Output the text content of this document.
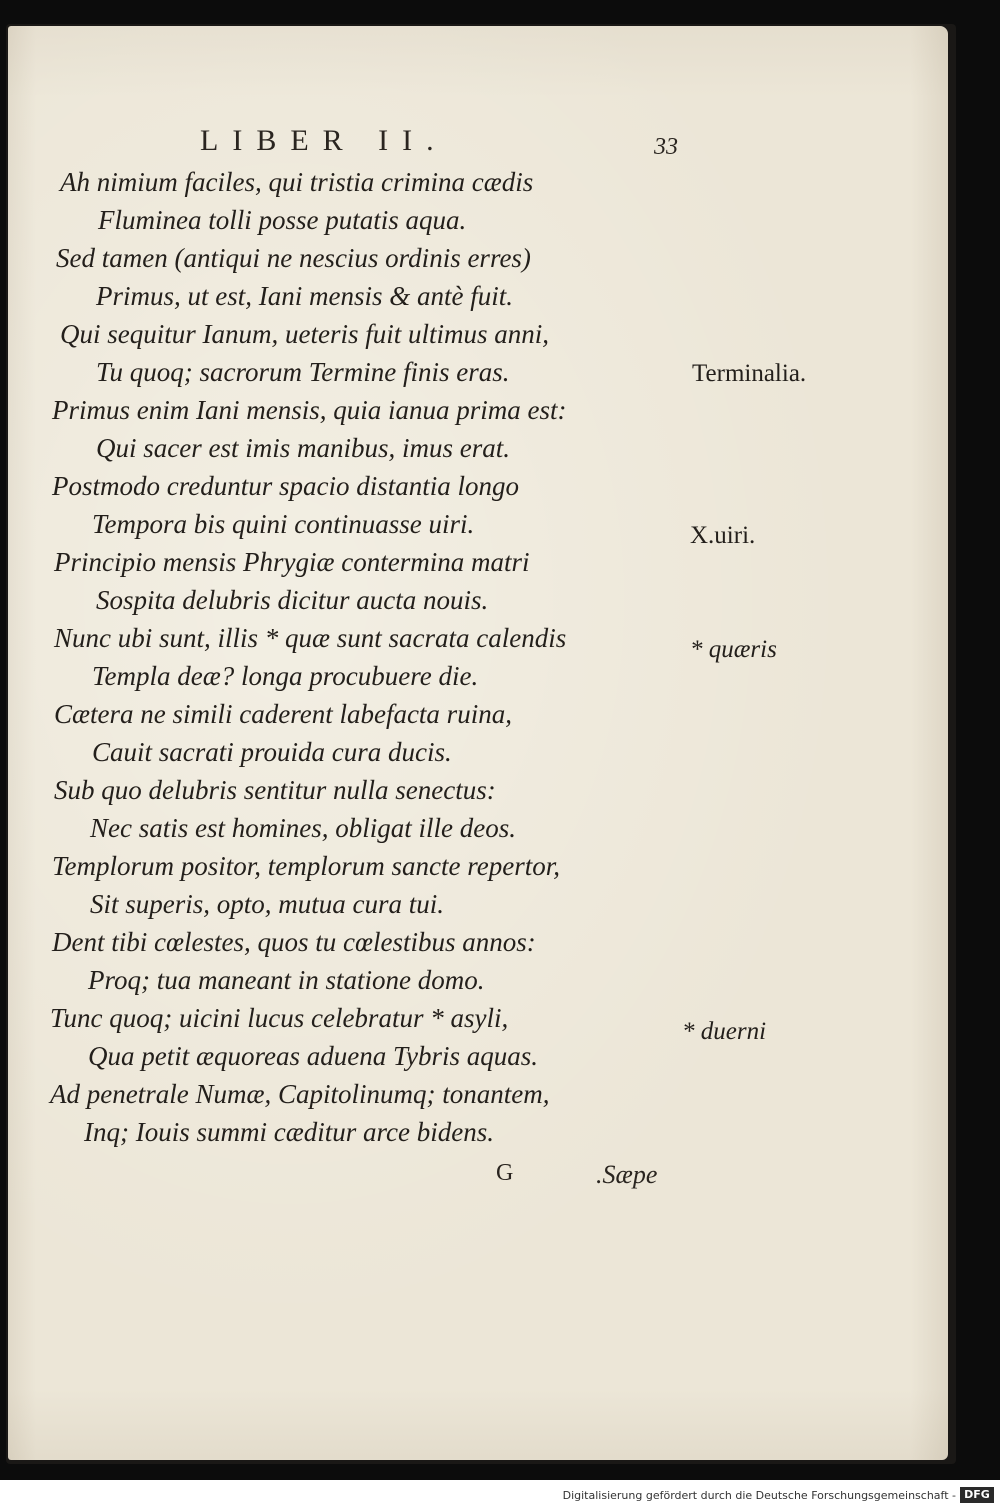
LIBER II.	33
Ah nimium faciles, qui tristia crimina cædis
Fluminea tolli posse putatis aqua.
Sed tamen (antiqui ne nescius ordinis erres)
Primus, ut est, Iani mensis & antè fuit.
Qui sequitur Ianum, ueteris fuit ultimus anni,
Tu quoq; sacrorum Termine finis eras.
Primus enim Iani mensis, quia ianua prima est:
Qui sacer est imis manibus, imus erat.
Postmodo creduntur spacio distantia longo
Tempora bis quini continuasse uiri.
Principio mensis Phrygiæ contermina matri
Sospita delubris dicitur aucta nouis.
Nunc ubi sunt, illis * quæ sunt sacrata calendis
Templa deæ? longa procubuere die.
Cætera ne simili caderent labefacta ruina,
Cauit sacrati prouida cura ducis.
Sub quo delubris sentitur nulla senectus:
Nec satis est homines, obligat ille deos.
Templorum positor, templorum sancte repertor,
Sit superis, opto, mutua cura tui.
Dent tibi cœlestes, quos tu cœlestibus annos:
Proq; tua maneant in statione domo.
Tunc quoq; uicini lucus celebratur * asyli,
Qua petit æquoreas aduena Tybris aquas.
Ad penetrale Numæ, Capitolinumq; tonantem,
Inq; Iouis summi cæditur arce bidens.
Terminalia.
X.uiri.
* quæris
* duerni
G	.Sæpe
Digitalisierung gefördert durch die Deutsche Forschungsgemeinschaft - DFG
